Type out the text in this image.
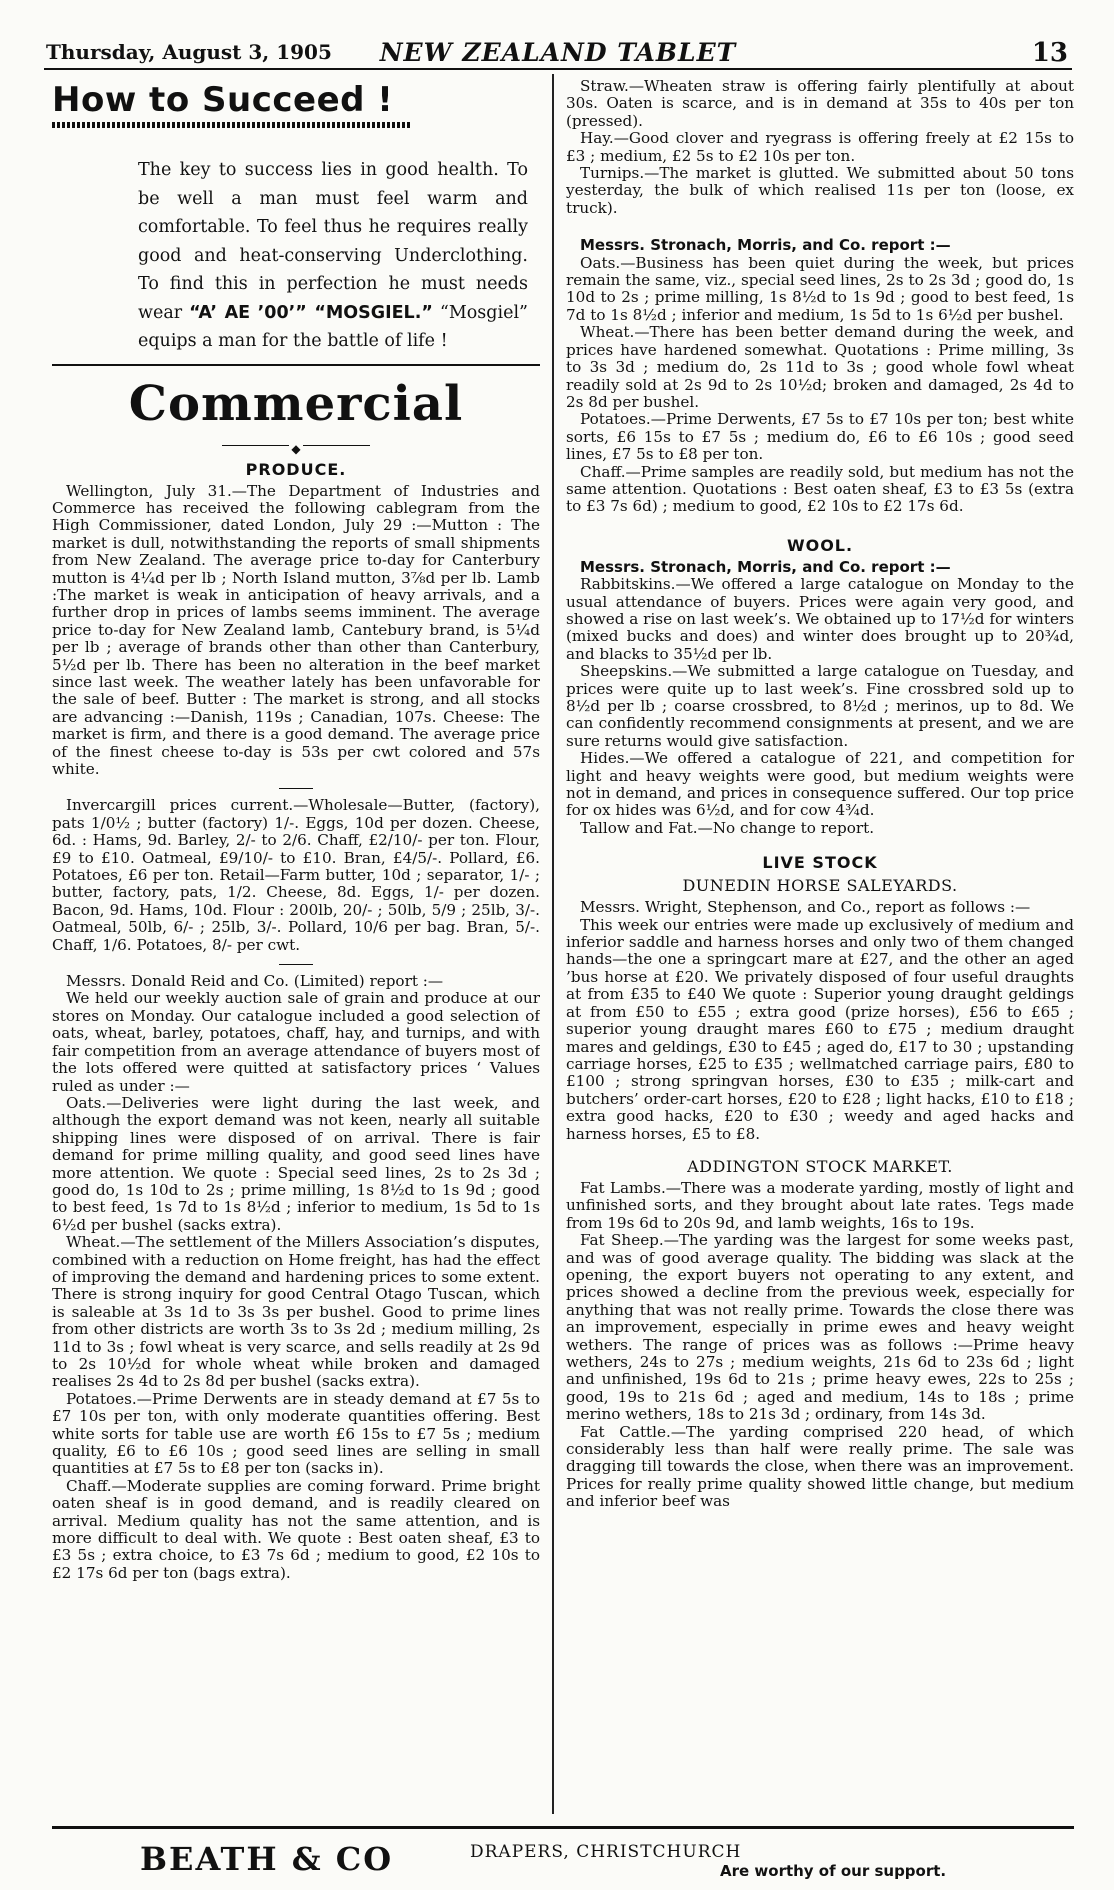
Thursday, August 3, 1905	NEW ZEALAND TABLET	13
How to Succeed !
The key to success lies in good health. To be well a man must feel warm and comfortable. To feel thus he requires really good and heat-conserving Underclothing. To find this in perfection he must needs wear “A’ AE ’00’” “MOSGIEL.” “Mosgiel” equips a man for the battle of life !
Commercial
◆
PRODUCE.

Wellington, July 31.—The Department of Industries and Commerce has received the following cablegram from the High Commissioner, dated London, July 29 :—Mutton : The market is dull, notwithstanding the reports of small shipments from New Zealand. The average price to-day for Canterbury mutton is 4¼d per lb ; North Island mutton, 3⅞d per lb. Lamb :The market is weak in anticipation of heavy arrivals, and a further drop in prices of lambs seems imminent. The average price to-day for New Zealand lamb, Cantebury brand, is 5¼d per lb ; average of brands other than other than Canterbury, 5½d per lb. There has been no alteration in the beef market since last week. The weather lately has been unfavorable for the sale of beef. Butter : The market is strong, and all stocks are advancing :—Danish, 119s ; Canadian, 107s. Cheese: The market is firm, and there is a good demand. The average price of the finest cheese to-day is 53s per cwt colored and 57s white.

Invercargill prices current.—Wholesale—Butter, (factory), pats 1/0½ ; butter (factory) 1/-. Eggs, 10d per dozen. Cheese, 6d. : Hams, 9d. Barley, 2/- to 2/6. Chaff, £2/10/- per ton. Flour, £9 to £10. Oatmeal, £9/10/- to £10. Bran, £4/5/-. Pollard, £6. Potatoes, £6 per ton. Retail—Farm butter, 10d ; separator, 1/- ; butter, factory, pats, 1/2. Cheese, 8d. Eggs, 1/- per dozen. Bacon, 9d. Hams, 10d. Flour : 200lb, 20/- ; 50lb, 5/9 ; 25lb, 3/-. Oatmeal, 50lb, 6/- ; 25lb, 3/-. Pollard, 10/6 per bag. Bran, 5/-. Chaff, 1/6. Potatoes, 8/- per cwt.

Messrs. Donald Reid and Co. (Limited) report :—

We held our weekly auction sale of grain and produce at our stores on Monday. Our catalogue included a good selection of oats, wheat, barley, potatoes, chaff, hay, and turnips, and with fair competition from an average attendance of buyers most of the lots offered were quitted at satisfactory prices ‘ Values ruled as under :—

Oats.—Deliveries were light during the last week, and although the export demand was not keen, nearly all suitable shipping lines were disposed of on arrival. There is fair demand for prime milling quality, and good seed lines have more attention. We quote : Special seed lines, 2s to 2s 3d ; good do, 1s 10d to 2s ; prime milling, 1s 8½d to 1s 9d ; good to best feed, 1s 7d to 1s 8½d ; inferior to medium, 1s 5d to 1s 6½d per bushel (sacks extra).

Wheat.—The settlement of the Millers Association’s disputes, combined with a reduction on Home freight, has had the effect of improving the demand and hardening prices to some extent. There is strong inquiry for good Central Otago Tuscan, which is saleable at 3s 1d to 3s 3s per bushel. Good to prime lines from other districts are worth 3s to 3s 2d ; medium milling, 2s 11d to 3s ; fowl wheat is very scarce, and sells readily at 2s 9d to 2s 10½d for whole wheat while broken and damaged realises 2s 4d to 2s 8d per bushel (sacks extra).

Potatoes.—Prime Derwents are in steady demand at £7 5s to £7 10s per ton, with only moderate quantities offering. Best white sorts for table use are worth £6 15s to £7 5s ; medium quality, £6 to £6 10s ; good seed lines are selling in small quantities at £7 5s to £8 per ton (sacks in).

Chaff.—Moderate supplies are coming forward. Prime bright oaten sheaf is in good demand, and is readily cleared on arrival. Medium quality has not the same attention, and is more difficult to deal with. We quote : Best oaten sheaf, £3 to £3 5s ; extra choice, to £3 7s 6d ; medium to good, £2 10s to £2 17s 6d per ton (bags extra).

Straw.—Wheaten straw is offering fairly plentifully at about 30s. Oaten is scarce, and is in demand at 35s to 40s per ton (pressed).

Hay.—Good clover and ryegrass is offering freely at £2 15s to £3 ; medium, £2 5s to £2 10s per ton.

Turnips.—The market is glutted. We submitted about 50 tons yesterday, the bulk of which realised 11s per ton (loose, ex truck).

Messrs. Stronach, Morris, and Co. report :—

Oats.—Business has been quiet during the week, but prices remain the same, viz., special seed lines, 2s to 2s 3d ; good do, 1s 10d to 2s ; prime milling, 1s 8½d to 1s 9d ; good to best feed, 1s 7d to 1s 8½d ; inferior and medium, 1s 5d to 1s 6½d per bushel.

Wheat.—There has been better demand during the week, and prices have hardened somewhat. Quotations : Prime milling, 3s to 3s 3d ; medium do, 2s 11d to 3s ; good whole fowl wheat readily sold at 2s 9d to 2s 10½d; broken and damaged, 2s 4d to 2s 8d per bushel.

Potatoes.—Prime Derwents, £7 5s to £7 10s per ton; best white sorts, £6 15s to £7 5s ; medium do, £6 to £6 10s ; good seed lines, £7 5s to £8 per ton.

Chaff.—Prime samples are readily sold, but medium has not the same attention. Quotations : Best oaten sheaf, £3 to £3 5s (extra to £3 7s 6d) ; medium to good, £2 10s to £2 17s 6d.

WOOL.

Messrs. Stronach, Morris, and Co. report :—

Rabbitskins.—We offered a large catalogue on Monday to the usual attendance of buyers. Prices were again very good, and showed a rise on last week’s. We obtained up to 17½d for winters (mixed bucks and does) and winter does brought up to 20¾d, and blacks to 35½d per lb.

Sheepskins.—We submitted a large catalogue on Tuesday, and prices were quite up to last week’s. Fine crossbred sold up to 8½d per lb ; coarse crossbred, to 8½d ; merinos, up to 8d. We can confidently recommend consignments at present, and we are sure returns would give satisfaction.

Hides.—We offered a catalogue of 221, and competition for light and heavy weights were good, but medium weights were not in demand, and prices in consequence suffered. Our top price for ox hides was 6½d, and for cow 4¾d.

Tallow and Fat.—No change to report.

LIVE STOCK
DUNEDIN HORSE SALEYARDS.

Messrs. Wright, Stephenson, and Co., report as follows :—

This week our entries were made up exclusively of medium and inferior saddle and harness horses and only two of them changed hands—the one a springcart mare at £27, and the other an aged ’bus horse at £20. We privately disposed of four useful draughts at from £35 to £40 We quote : Superior young draught geldings at from £50 to £55 ; extra good (prize horses), £56 to £65 ; superior young draught mares £60 to £75 ; medium draught mares and geldings, £30 to £45 ; aged do, £17 to 30 ; upstanding carriage horses, £25 to £35 ; wellmatched carriage pairs, £80 to £100 ; strong springvan horses, £30 to £35 ; milk-cart and butchers’ order-cart horses, £20 to £28 ; light hacks, £10 to £18 ; extra good hacks, £20 to £30 ; weedy and aged hacks and harness horses, £5 to £8.

ADDINGTON STOCK MARKET.

Fat Lambs.—There was a moderate yarding, mostly of light and unfinished sorts, and they brought about late rates. Tegs made from 19s 6d to 20s 9d, and lamb weights, 16s to 19s.

Fat Sheep.—The yarding was the largest for some weeks past, and was of good average quality. The bidding was slack at the opening, the export buyers not operating to any extent, and prices showed a decline from the previous week, especially for anything that was not really prime. Towards the close there was an improvement, especially in prime ewes and heavy weight wethers. The range of prices was as follows :—Prime heavy wethers, 24s to 27s ; medium weights, 21s 6d to 23s 6d ; light and unfinished, 19s 6d to 21s ; prime heavy ewes, 22s to 25s ; good, 19s to 21s 6d ; aged and medium, 14s to 18s ; prime merino wethers, 18s to 21s 3d ; ordinary, from 14s 3d.

Fat Cattle.—The yarding comprised 220 head, of which considerably less than half were really prime. The sale was dragging till towards the close, when there was an improvement. Prices for really prime quality showed little change, but medium and inferior beef was

BEATH & CO	DRAPERS, CHRISTCHURCH
Are worthy of our support.
